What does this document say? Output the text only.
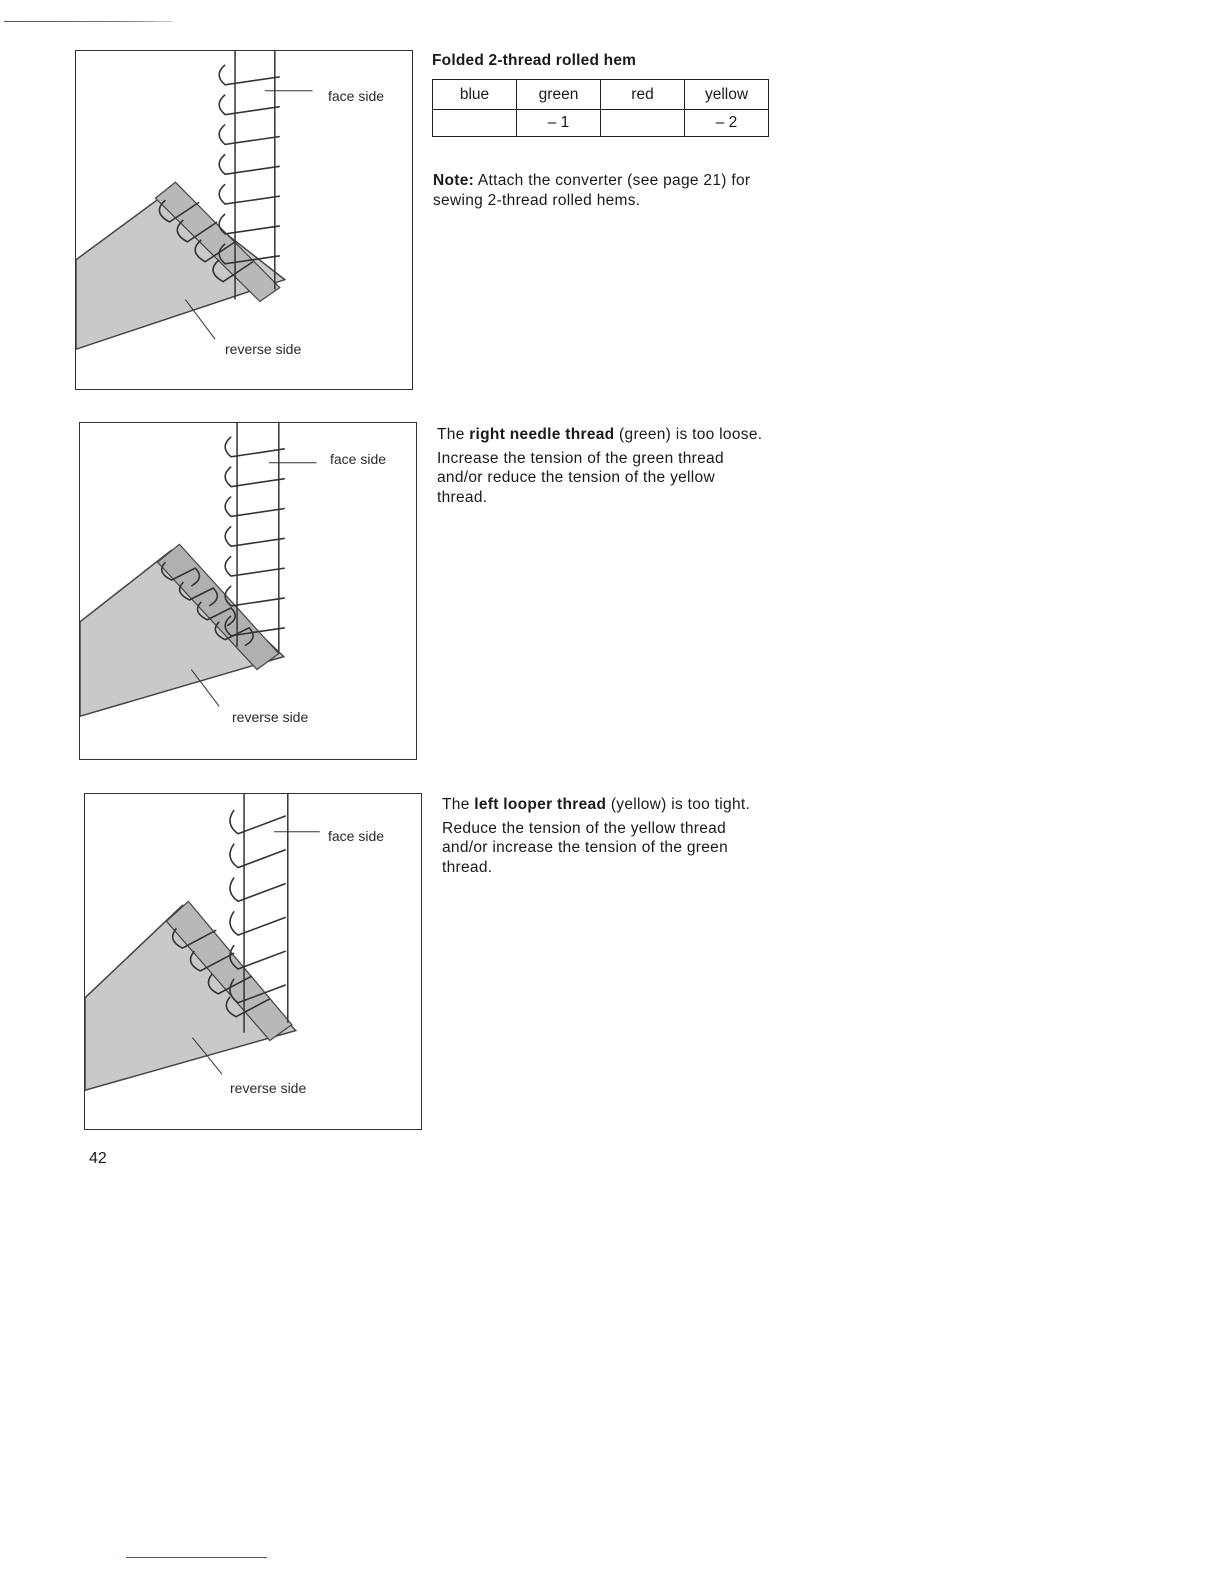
face side
reverse side
Folded 2-thread rolled hem
blue	green	red	yellow
	– 1		– 2

Note: Attach the converter (see page 21) for sewing 2-thread rolled hems.

face side
reverse side

The right needle thread (green) is too loose.

Increase the tension of the green thread and/or reduce the tension of the yellow thread.

face side
reverse side

The left looper thread (yellow) is too tight.

Reduce the tension of the yellow thread and/or increase the tension of the green thread.

42
